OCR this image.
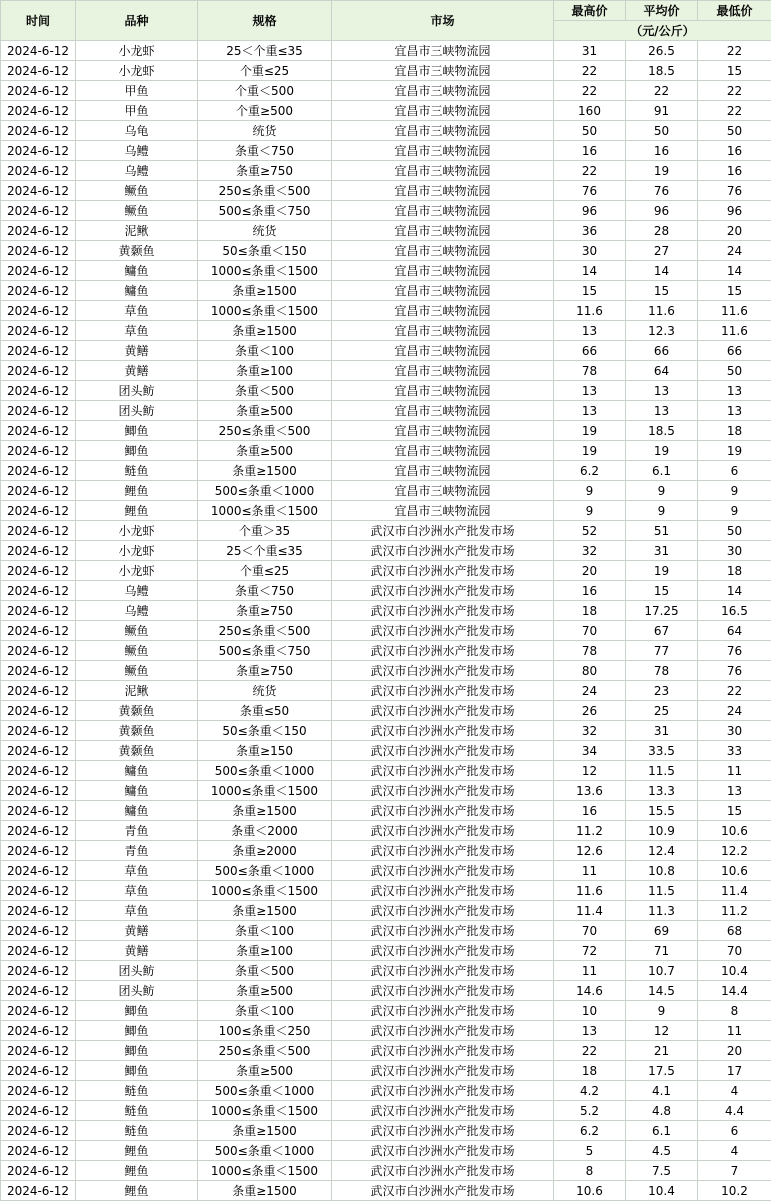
时间	品种	规格	市场	最高价	平均价	最低价
				（元/公斤）		
2024-6-12	小龙虾	25＜个重≤35	宜昌市三峡物流园	31	26.5	22
2024-6-12	小龙虾	个重≤25	宜昌市三峡物流园	22	18.5	15
2024-6-12	甲鱼	个重＜500	宜昌市三峡物流园	22	22	22
2024-6-12	甲鱼	个重≥500	宜昌市三峡物流园	160	91	22
2024-6-12	乌龟	统货	宜昌市三峡物流园	50	50	50
2024-6-12	乌鳢	条重＜750	宜昌市三峡物流园	16	16	16
2024-6-12	乌鳢	条重≥750	宜昌市三峡物流园	22	19	16
2024-6-12	鳜鱼	250≤条重＜500	宜昌市三峡物流园	76	76	76
2024-6-12	鳜鱼	500≤条重＜750	宜昌市三峡物流园	96	96	96
2024-6-12	泥鳅	统货	宜昌市三峡物流园	36	28	20
2024-6-12	黄颡鱼	50≤条重＜150	宜昌市三峡物流园	30	27	24
2024-6-12	鳙鱼	1000≤条重＜1500	宜昌市三峡物流园	14	14	14
2024-6-12	鳙鱼	条重≥1500	宜昌市三峡物流园	15	15	15
2024-6-12	草鱼	1000≤条重＜1500	宜昌市三峡物流园	11.6	11.6	11.6
2024-6-12	草鱼	条重≥1500	宜昌市三峡物流园	13	12.3	11.6
2024-6-12	黄鳝	条重＜100	宜昌市三峡物流园	66	66	66
2024-6-12	黄鳝	条重≥100	宜昌市三峡物流园	78	64	50
2024-6-12	团头鲂	条重＜500	宜昌市三峡物流园	13	13	13
2024-6-12	团头鲂	条重≥500	宜昌市三峡物流园	13	13	13
2024-6-12	鲫鱼	250≤条重＜500	宜昌市三峡物流园	19	18.5	18
2024-6-12	鲫鱼	条重≥500	宜昌市三峡物流园	19	19	19
2024-6-12	鲢鱼	条重≥1500	宜昌市三峡物流园	6.2	6.1	6
2024-6-12	鲤鱼	500≤条重＜1000	宜昌市三峡物流园	9	9	9
2024-6-12	鲤鱼	1000≤条重＜1500	宜昌市三峡物流园	9	9	9
2024-6-12	小龙虾	个重＞35	武汉市白沙洲水产批发市场	52	51	50
2024-6-12	小龙虾	25＜个重≤35	武汉市白沙洲水产批发市场	32	31	30
2024-6-12	小龙虾	个重≤25	武汉市白沙洲水产批发市场	20	19	18
2024-6-12	乌鳢	条重＜750	武汉市白沙洲水产批发市场	16	15	14
2024-6-12	乌鳢	条重≥750	武汉市白沙洲水产批发市场	18	17.25	16.5
2024-6-12	鳜鱼	250≤条重＜500	武汉市白沙洲水产批发市场	70	67	64
2024-6-12	鳜鱼	500≤条重＜750	武汉市白沙洲水产批发市场	78	77	76
2024-6-12	鳜鱼	条重≥750	武汉市白沙洲水产批发市场	80	78	76
2024-6-12	泥鳅	统货	武汉市白沙洲水产批发市场	24	23	22
2024-6-12	黄颡鱼	条重≤50	武汉市白沙洲水产批发市场	26	25	24
2024-6-12	黄颡鱼	50≤条重＜150	武汉市白沙洲水产批发市场	32	31	30
2024-6-12	黄颡鱼	条重≥150	武汉市白沙洲水产批发市场	34	33.5	33
2024-6-12	鳙鱼	500≤条重＜1000	武汉市白沙洲水产批发市场	12	11.5	11
2024-6-12	鳙鱼	1000≤条重＜1500	武汉市白沙洲水产批发市场	13.6	13.3	13
2024-6-12	鳙鱼	条重≥1500	武汉市白沙洲水产批发市场	16	15.5	15
2024-6-12	青鱼	条重＜2000	武汉市白沙洲水产批发市场	11.2	10.9	10.6
2024-6-12	青鱼	条重≥2000	武汉市白沙洲水产批发市场	12.6	12.4	12.2
2024-6-12	草鱼	500≤条重＜1000	武汉市白沙洲水产批发市场	11	10.8	10.6
2024-6-12	草鱼	1000≤条重＜1500	武汉市白沙洲水产批发市场	11.6	11.5	11.4
2024-6-12	草鱼	条重≥1500	武汉市白沙洲水产批发市场	11.4	11.3	11.2
2024-6-12	黄鳝	条重＜100	武汉市白沙洲水产批发市场	70	69	68
2024-6-12	黄鳝	条重≥100	武汉市白沙洲水产批发市场	72	71	70
2024-6-12	团头鲂	条重＜500	武汉市白沙洲水产批发市场	11	10.7	10.4
2024-6-12	团头鲂	条重≥500	武汉市白沙洲水产批发市场	14.6	14.5	14.4
2024-6-12	鲫鱼	条重＜100	武汉市白沙洲水产批发市场	10	9	8
2024-6-12	鲫鱼	100≤条重＜250	武汉市白沙洲水产批发市场	13	12	11
2024-6-12	鲫鱼	250≤条重＜500	武汉市白沙洲水产批发市场	22	21	20
2024-6-12	鲫鱼	条重≥500	武汉市白沙洲水产批发市场	18	17.5	17
2024-6-12	鲢鱼	500≤条重＜1000	武汉市白沙洲水产批发市场	4.2	4.1	4
2024-6-12	鲢鱼	1000≤条重＜1500	武汉市白沙洲水产批发市场	5.2	4.8	4.4
2024-6-12	鲢鱼	条重≥1500	武汉市白沙洲水产批发市场	6.2	6.1	6
2024-6-12	鲤鱼	500≤条重＜1000	武汉市白沙洲水产批发市场	5	4.5	4
2024-6-12	鲤鱼	1000≤条重＜1500	武汉市白沙洲水产批发市场	8	7.5	7
2024-6-12	鲤鱼	条重≥1500	武汉市白沙洲水产批发市场	10.6	10.4	10.2
